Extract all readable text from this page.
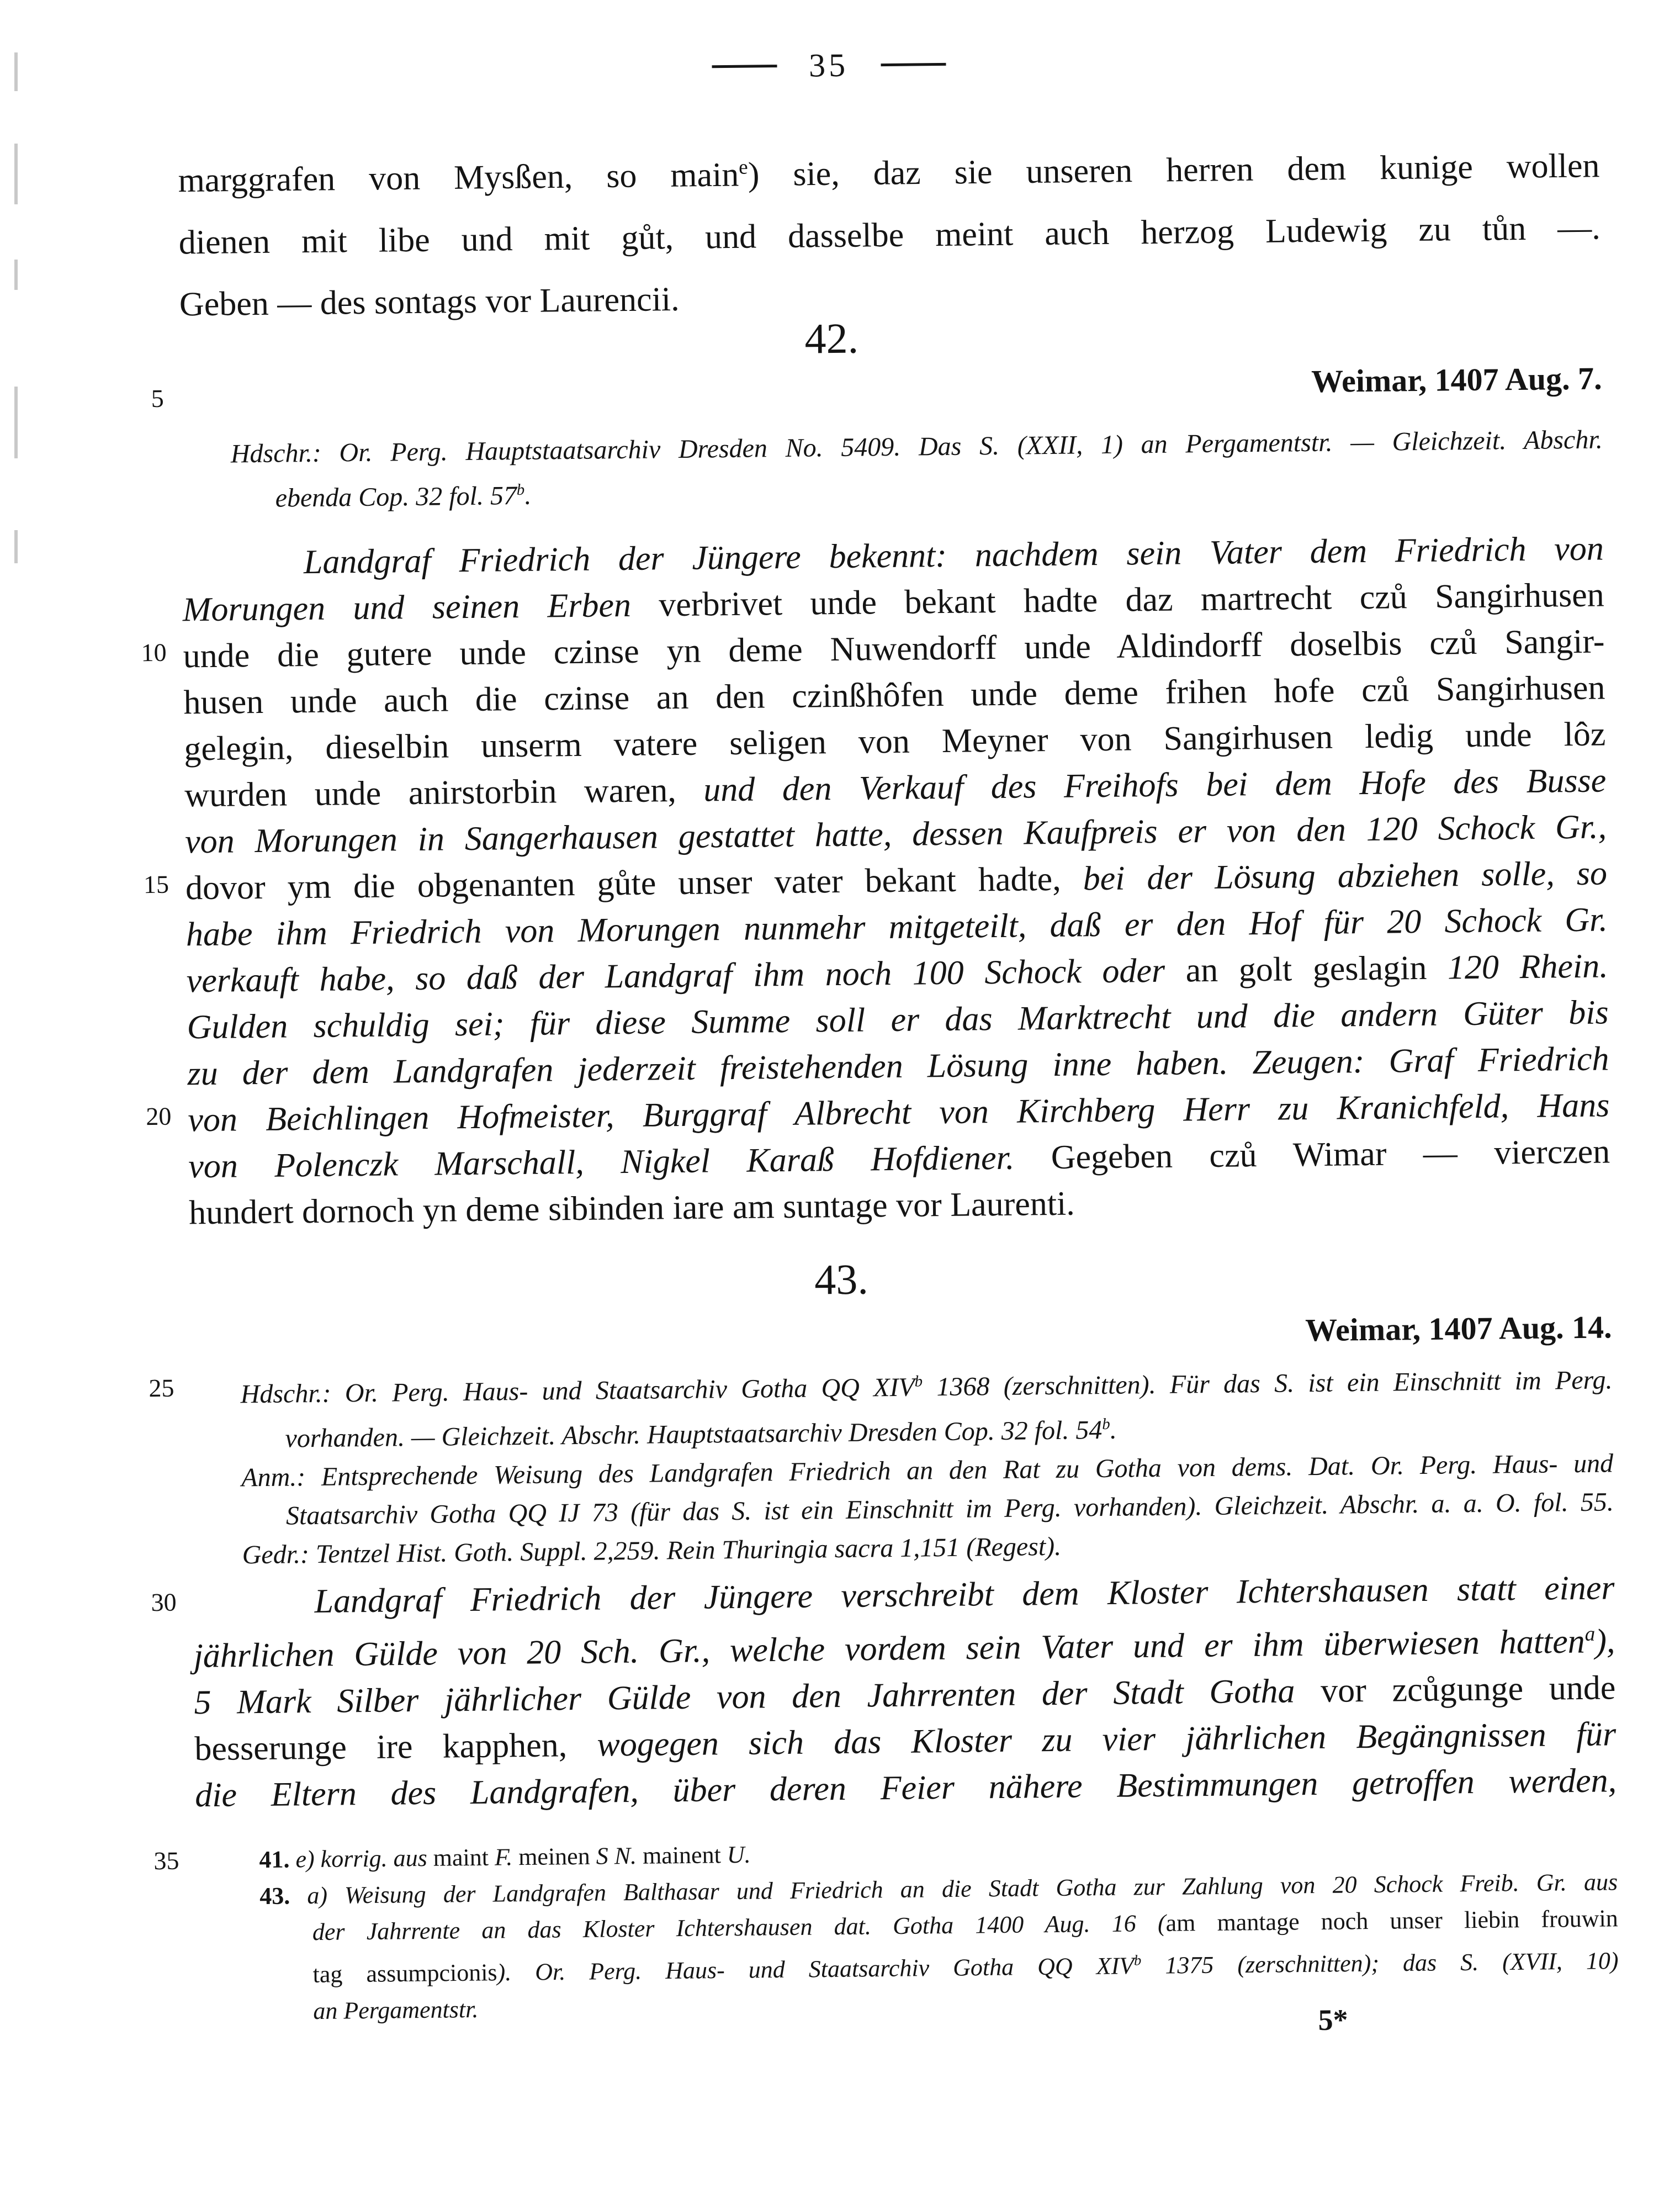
35
5
10
15
20
25
30
35
marggrafen von Mysßen, so main$^e$) sie, daz sie unseren herren dem kunige wollen
dienen mit libe und mit gůt, und dasselbe meint auch herzog Ludewig zu tůn —.
Geben — des sontags vor Laurencii.
42.
Weimar, 1407 Aug. 7.
Hdschr.: Or. Perg. Hauptstaatsarchiv Dresden No. 5409. Das S. (XXII, 1) an Pergamentstr. — Gleichzeit. Abschr.
ebenda Cop. 32 fol. 57$^b$.
Landgraf Friedrich der Jüngere bekennt: nachdem sein Vater dem Friedrich von
Morungen und seinen Erben verbrivet unde bekant hadte daz martrecht czů Sangirhusen
unde die gutere unde czinse yn deme Nuwendorff unde Aldindorff doselbis czů Sangir-
husen unde auch die czinse an den czinßhôfen unde deme frihen hofe czů Sangirhusen
gelegin, dieselbin unserm vatere seligen von Meyner von Sangirhusen ledig unde lôz
wurden unde anirstorbin waren, und den Verkauf des Freihofs bei dem Hofe des Busse
von Morungen in Sangerhausen gestattet hatte, dessen Kaufpreis er von den 120 Schock Gr.,
dovor ym die obgenanten gůte unser vater bekant hadte, bei der Lösung abziehen solle, so
habe ihm Friedrich von Morungen nunmehr mitgeteilt, daß er den Hof für 20 Schock Gr.
verkauft habe, so daß der Landgraf ihm noch 100 Schock oder an golt geslagin 120 Rhein.
Gulden schuldig sei; für diese Summe soll er das Marktrecht und die andern Güter bis
zu der dem Landgrafen jederzeit freistehenden Lösung inne haben. Zeugen: Graf Friedrich
von Beichlingen Hofmeister, Burggraf Albrecht von Kirchberg Herr zu Kranichfeld, Hans
von Polenczk Marschall, Nigkel Karaß Hofdiener. Gegeben czů Wimar — vierczen
hundert dornoch yn deme sibinden iare am suntage vor Laurenti.
43.
Weimar, 1407 Aug. 14.
Hdschr.: Or. Perg. Haus- und Staatsarchiv Gotha QQ XIV$^b$ 1368 (zerschnitten). Für das S. ist ein Einschnitt im Perg.
vorhanden. — Gleichzeit. Abschr. Hauptstaatsarchiv Dresden Cop. 32 fol. 54$^b$.
Anm.: Entsprechende Weisung des Landgrafen Friedrich an den Rat zu Gotha von dems. Dat. Or. Perg. Haus- und
Staatsarchiv Gotha QQ IJ 73 (für das S. ist ein Einschnitt im Perg. vorhanden). Gleichzeit. Abschr. a. a. O. fol. 55.
Gedr.: Tentzel Hist. Goth. Suppl. 2,259. Rein Thuringia sacra 1,151 (Regest).
Landgraf Friedrich der Jüngere verschreibt dem Kloster Ichtershausen statt einer
jährlichen Gülde von 20 Sch. Gr., welche vordem sein Vater und er ihm überwiesen hatten$^a$),
5 Mark Silber jährlicher Gülde von den Jahrrenten der Stadt Gotha vor zcůgunge unde
besserunge ire kapphen, wogegen sich das Kloster zu vier jährlichen Begängnissen für
die Eltern des Landgrafen, über deren Feier nähere Bestimmungen getroffen werden,
41. e) korrig. aus maint F. meinen S N. mainent U.
43. a) Weisung der Landgrafen Balthasar und Friedrich an die Stadt Gotha zur Zahlung von 20 Schock Freib. Gr. aus
der Jahrrente an das Kloster Ichtershausen dat. Gotha 1400 Aug. 16 (am mantage noch unser liebin frouwin
tag assumpcionis). Or. Perg. Haus- und Staatsarchiv Gotha QQ XIV$^b$ 1375 (zerschnitten); das S. (XVII, 10)
an Pergamentstr.	5*
